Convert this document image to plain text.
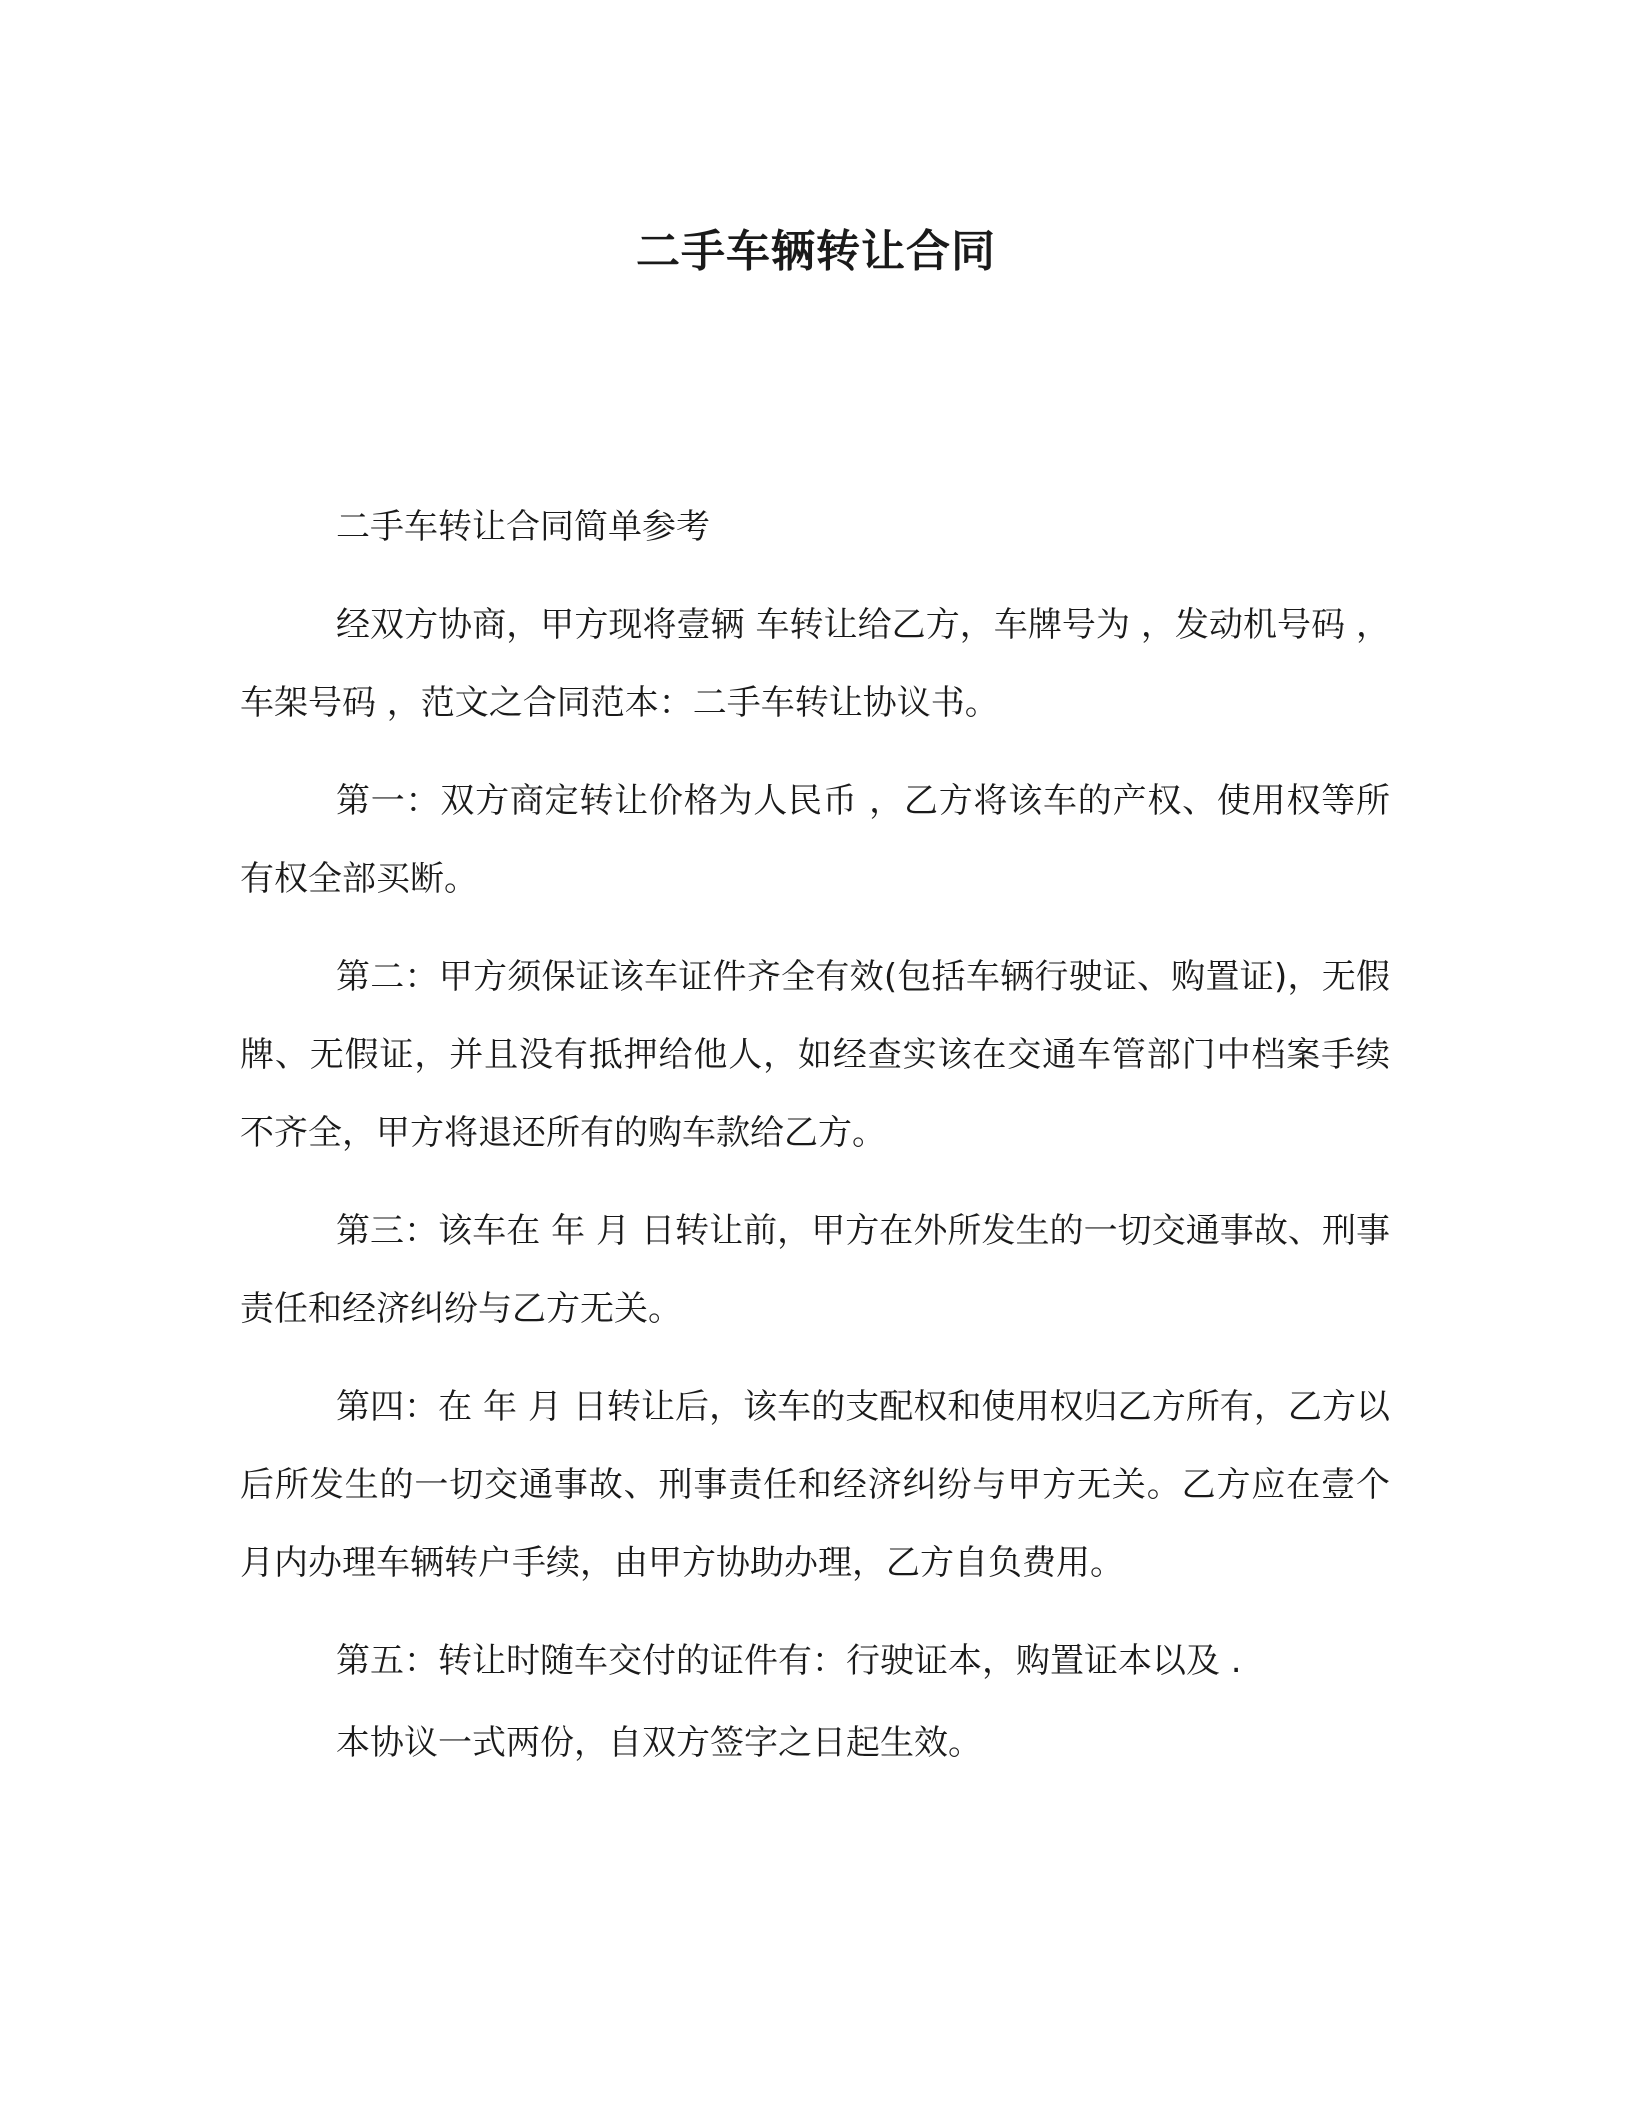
二手车辆转让合同

二手车转让合同简单参考

经双方协商，甲方现将壹辆 车转让给乙方，车牌号为 ，发动机号码 ，车架号码 ，范文之合同范本：二手车转让协议书。

第一：双方商定转让价格为人民币 ，乙方将该车的产权、使用权等所有权全部买断。

第二：甲方须保证该车证件齐全有效(包括车辆行驶证、购置证)，无假牌、无假证，并且没有抵押给他人，如经查实该在交通车管部门中档案手续不齐全，甲方将退还所有的购车款给乙方。

第三：该车在 年 月 日转让前，甲方在外所发生的一切交通事故、刑事责任和经济纠纷与乙方无关。

第四：在 年 月 日转让后，该车的支配权和使用权归乙方所有，乙方以后所发生的一切交通事故、刑事责任和经济纠纷与甲方无关。乙方应在壹个月内办理车辆转户手续，由甲方协助办理，乙方自负费用。

第五：转让时随车交付的证件有：行驶证本，购置证本以及 .

本协议一式两份，自双方签字之日起生效。
